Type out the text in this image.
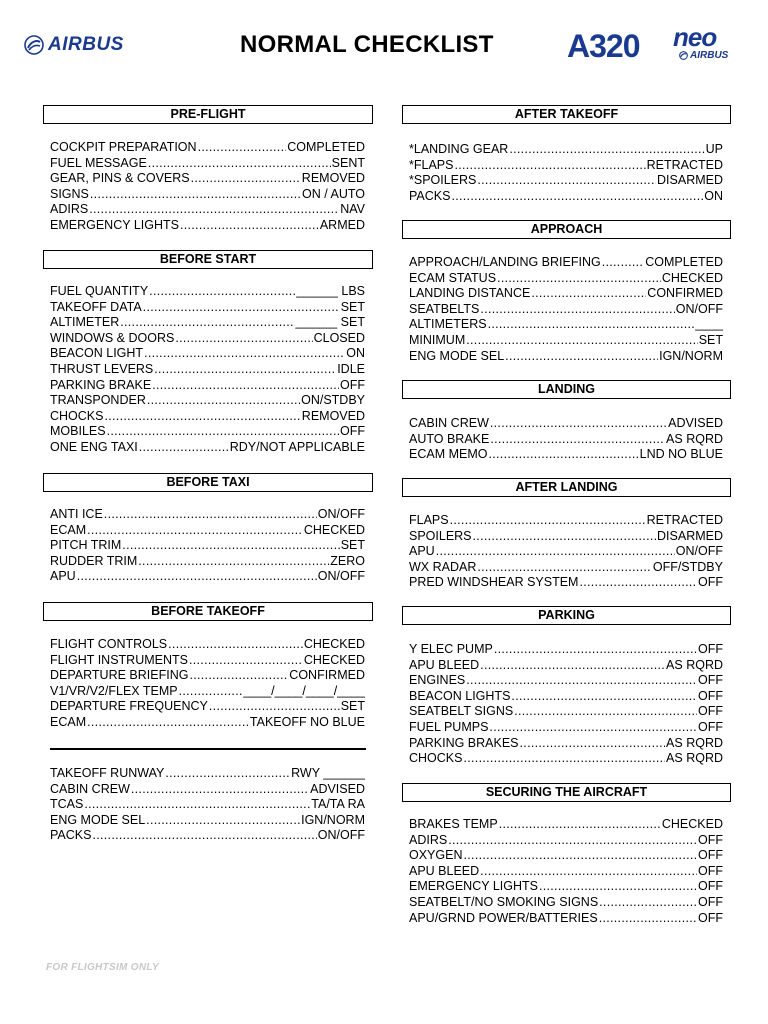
AIRBUS	NORMAL CHECKLIST A320 neo
AIRBUS
PRE-FLIGHT
COCKPIT PREPARATION .....	COMPLETED
FUEL MESSAGE .....	SENT
GEAR, PINS & COVERS .....	REMOVED
SIGNS .....	ON / AUTO
ADIRS .....	NAV
EMERGENCY LIGHTS .....	ARMED
BEFORE START
FUEL QUANTITY .....	______ LBS
TAKEOFF DATA .....	SET
ALTIMETER .....	______ SET
WINDOWS & DOORS .....	CLOSED
BEACON LIGHT .....	ON
THRUST LEVERS .....	IDLE
PARKING BRAKE .....	OFF
TRANSPONDER .....	ON/STDBY
CHOCKS .....	REMOVED
MOBILES .....	OFF
ONE ENG TAXI .....	RDY/NOT APPLICABLE
BEFORE TAXI
ANTI ICE .....	ON/OFF
ECAM .....	CHECKED
PITCH TRIM .....	SET
RUDDER TRIM .....	ZERO
APU .....	ON/OFF
BEFORE TAKEOFF
FLIGHT CONTROLS .....	CHECKED
FLIGHT INSTRUMENTS .....	CHECKED
DEPARTURE BRIEFING .....	CONFIRMED
V1/VR/V2/FLEX TEMP .....	____/____/____/____
DEPARTURE FREQUENCY .....	SET
ECAM .....	TAKEOFF NO BLUE
TAKEOFF RUNWAY .....	RWY ______
CABIN CREW .....	ADVISED
TCAS .....	TA/TA RA
ENG MODE SEL .....	IGN/NORM
PACKS .....	ON/OFF
AFTER TAKEOFF
*LANDING GEAR .....	UP
*FLAPS .....	RETRACTED
*SPOILERS .....	DISARMED
PACKS .....	ON
APPROACH
APPROACH/LANDING BRIEFING .....	COMPLETED
ECAM STATUS .....	CHECKED
LANDING DISTANCE .....	CONFIRMED
SEATBELTS .....	ON/OFF
ALTIMETERS .....	____
MINIMUM .....	SET
ENG MODE SEL .....	IGN/NORM
LANDING
CABIN CREW .....	ADVISED
AUTO BRAKE .....	AS RQRD
ECAM MEMO .....	LND NO BLUE
AFTER LANDING
FLAPS .....	RETRACTED
SPOILERS .....	DISARMED
APU .....	ON/OFF
WX RADAR .....	OFF/STDBY
PRED WINDSHEAR SYSTEM .....	OFF
PARKING
Y ELEC PUMP .....	OFF
APU BLEED .....	AS RQRD
ENGINES .....	OFF
BEACON LIGHTS .....	OFF
SEATBELT SIGNS .....	OFF
FUEL PUMPS .....	OFF
PARKING BRAKES .....	AS RQRD
CHOCKS .....	AS RQRD
SECURING THE AIRCRAFT
BRAKES TEMP .....	CHECKED
ADIRS .....	OFF
OXYGEN .....	OFF
APU BLEED .....	OFF
EMERGENCY LIGHTS .....	OFF
SEATBELT/NO SMOKING SIGNS .....	OFF
APU/GRND POWER/BATTERIES .....	OFF
FOR FLIGHTSIM ONLY
